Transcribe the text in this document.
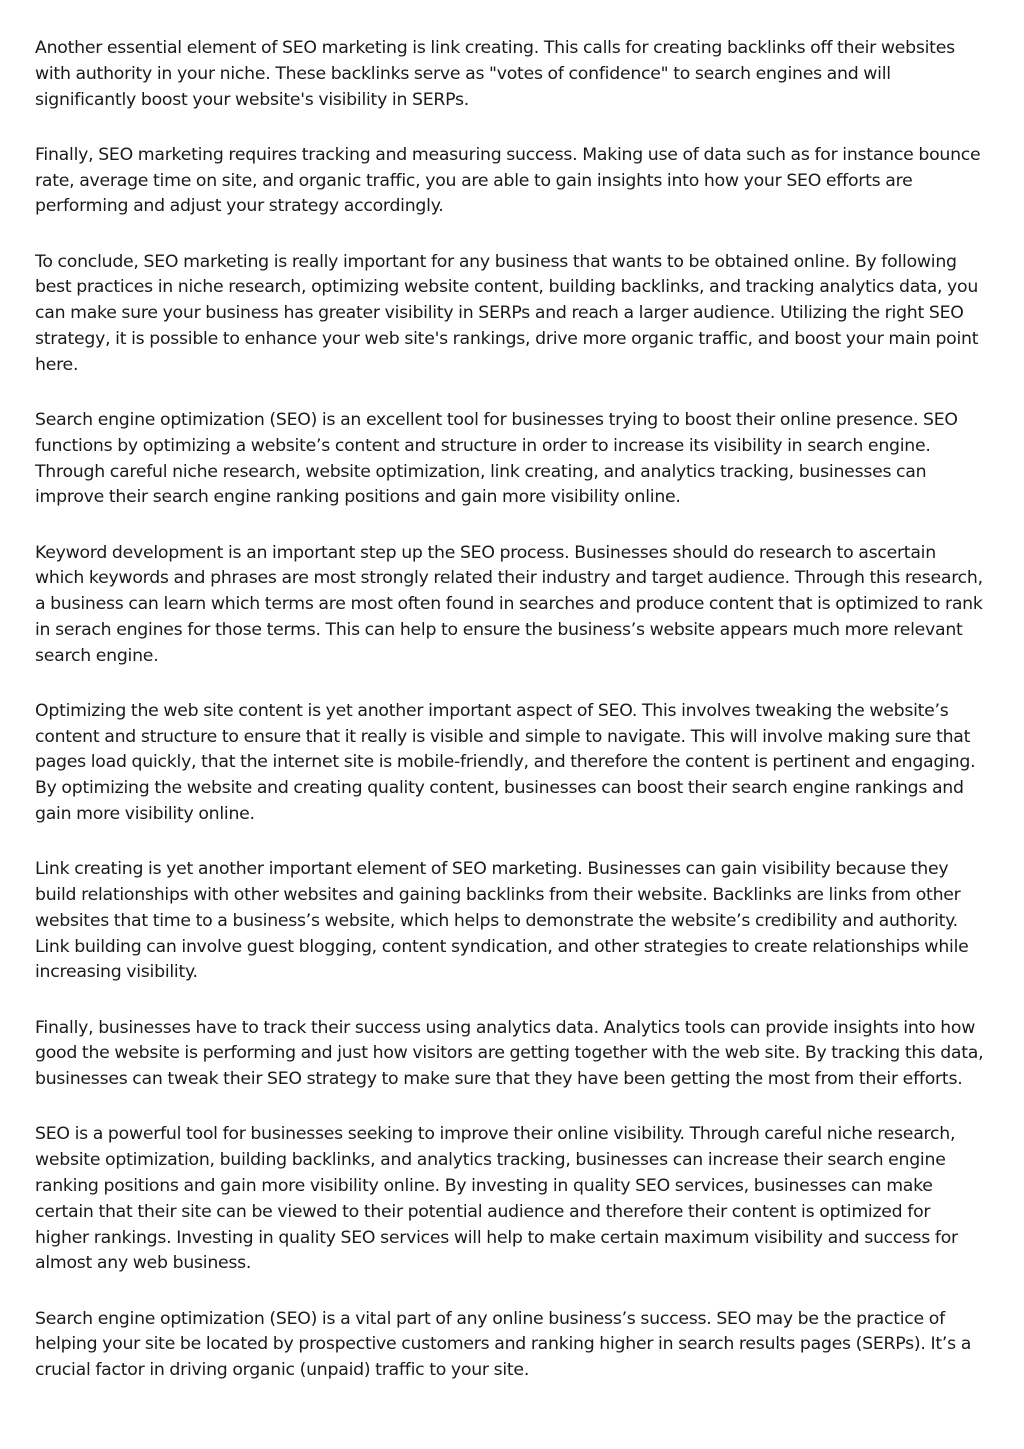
Another essential element of SEO marketing is link creating. This calls for creating backlinks off their websites with authority in your niche. These backlinks serve as "votes of confidence" to search engines and will significantly boost your website's visibility in SERPs.

Finally, SEO marketing requires tracking and measuring success. Making use of data such as for instance bounce rate, average time on site, and organic traffic, you are able to gain insights into how your SEO efforts are performing and adjust your strategy accordingly.

To conclude, SEO marketing is really important for any business that wants to be obtained online. By following best practices in niche research, optimizing website content, building backlinks, and tracking analytics data, you can make sure your business has greater visibility in SERPs and reach a larger audience. Utilizing the right SEO strategy, it is possible to enhance your web site's rankings, drive more organic traffic, and boost your main point here.

Search engine optimization (SEO) is an excellent tool for businesses trying to boost their online presence. SEO functions by optimizing a website’s content and structure in order to increase its visibility in search engine. Through careful niche research, website optimization, link creating, and analytics tracking, businesses can improve their search engine ranking positions and gain more visibility online.

Keyword development is an important step up the SEO process. Businesses should do research to ascertain which keywords and phrases are most strongly related their industry and target audience. Through this research, a business can learn which terms are most often found in searches and produce content that is optimized to rank in serach engines for those terms. This can help to ensure the business’s website appears much more relevant search engine.

Optimizing the web site content is yet another important aspect of SEO. This involves tweaking the website’s content and structure to ensure that it really is visible and simple to navigate. This will involve making sure that pages load quickly, that the internet site is mobile-friendly, and therefore the content is pertinent and engaging. By optimizing the website and creating quality content, businesses can boost their search engine rankings and gain more visibility online.

Link creating is yet another important element of SEO marketing. Businesses can gain visibility because they build relationships with other websites and gaining backlinks from their website. Backlinks are links from other websites that time to a business’s website, which helps to demonstrate the website’s credibility and authority. Link building can involve guest blogging, content syndication, and other strategies to create relationships while increasing visibility.

Finally, businesses have to track their success using analytics data. Analytics tools can provide insights into how good the website is performing and just how visitors are getting together with the web site. By tracking this data, businesses can tweak their SEO strategy to make sure that they have been getting the most from their efforts.

SEO is a powerful tool for businesses seeking to improve their online visibility. Through careful niche research, website optimization, building backlinks, and analytics tracking, businesses can increase their search engine ranking positions and gain more visibility online. By investing in quality SEO services, businesses can make certain that their site can be viewed to their potential audience and therefore their content is optimized for higher rankings. Investing in quality SEO services will help to make certain maximum visibility and success for almost any web business.

Search engine optimization (SEO) is a vital part of any online business’s success. SEO may be the practice of helping your site be located by prospective customers and ranking higher in search results pages (SERPs). It’s a crucial factor in driving organic (unpaid) traffic to your site.
